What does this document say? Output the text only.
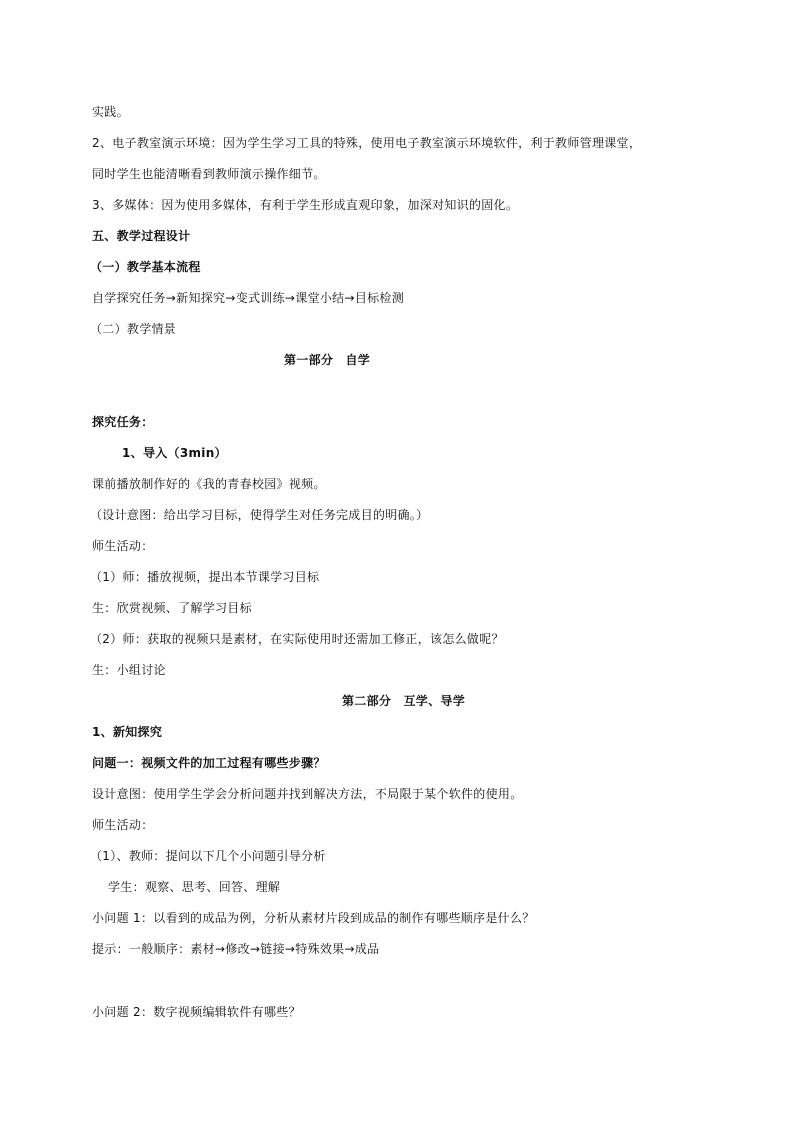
实践。
2、电子教室演示环境：因为学生学习工具的特殊，使用电子教室演示环境软件，利于教师管理课堂，
同时学生也能清晰看到教师演示操作细节。
3、多媒体：因为使用多媒体，有利于学生形成直观印象，加深对知识的固化。
五、教学过程设计
（一）教学基本流程
自学探究任务→新知探究→变式训练→课堂小结→目标检测
（二）教学情景
第一部分　自学
探究任务：
1、导入（3min）
课前播放制作好的《我的青春校园》视频。
（设计意图：给出学习目标，使得学生对任务完成目的明确。）
师生活动：
（1）师：播放视频，提出本节课学习目标
生：欣赏视频、了解学习目标
（2）师：获取的视频只是素材，在实际使用时还需加工修正，该怎么做呢？
生：小组讨论
第二部分　互学、导学
1、新知探究
问题一：视频文件的加工过程有哪些步骤？
设计意图：使用学生学会分析问题并找到解决方法，不局限于某个软件的使用。
师生活动：
（1）、教师：提问以下几个小问题引导分析
学生：观察、思考、回答、理解
小问题 1：以看到的成品为例，分析从素材片段到成品的制作有哪些顺序是什么？
提示：一般顺序：素材→修改→链接→特殊效果→成品
小问题 2：数字视频编辑软件有哪些？
